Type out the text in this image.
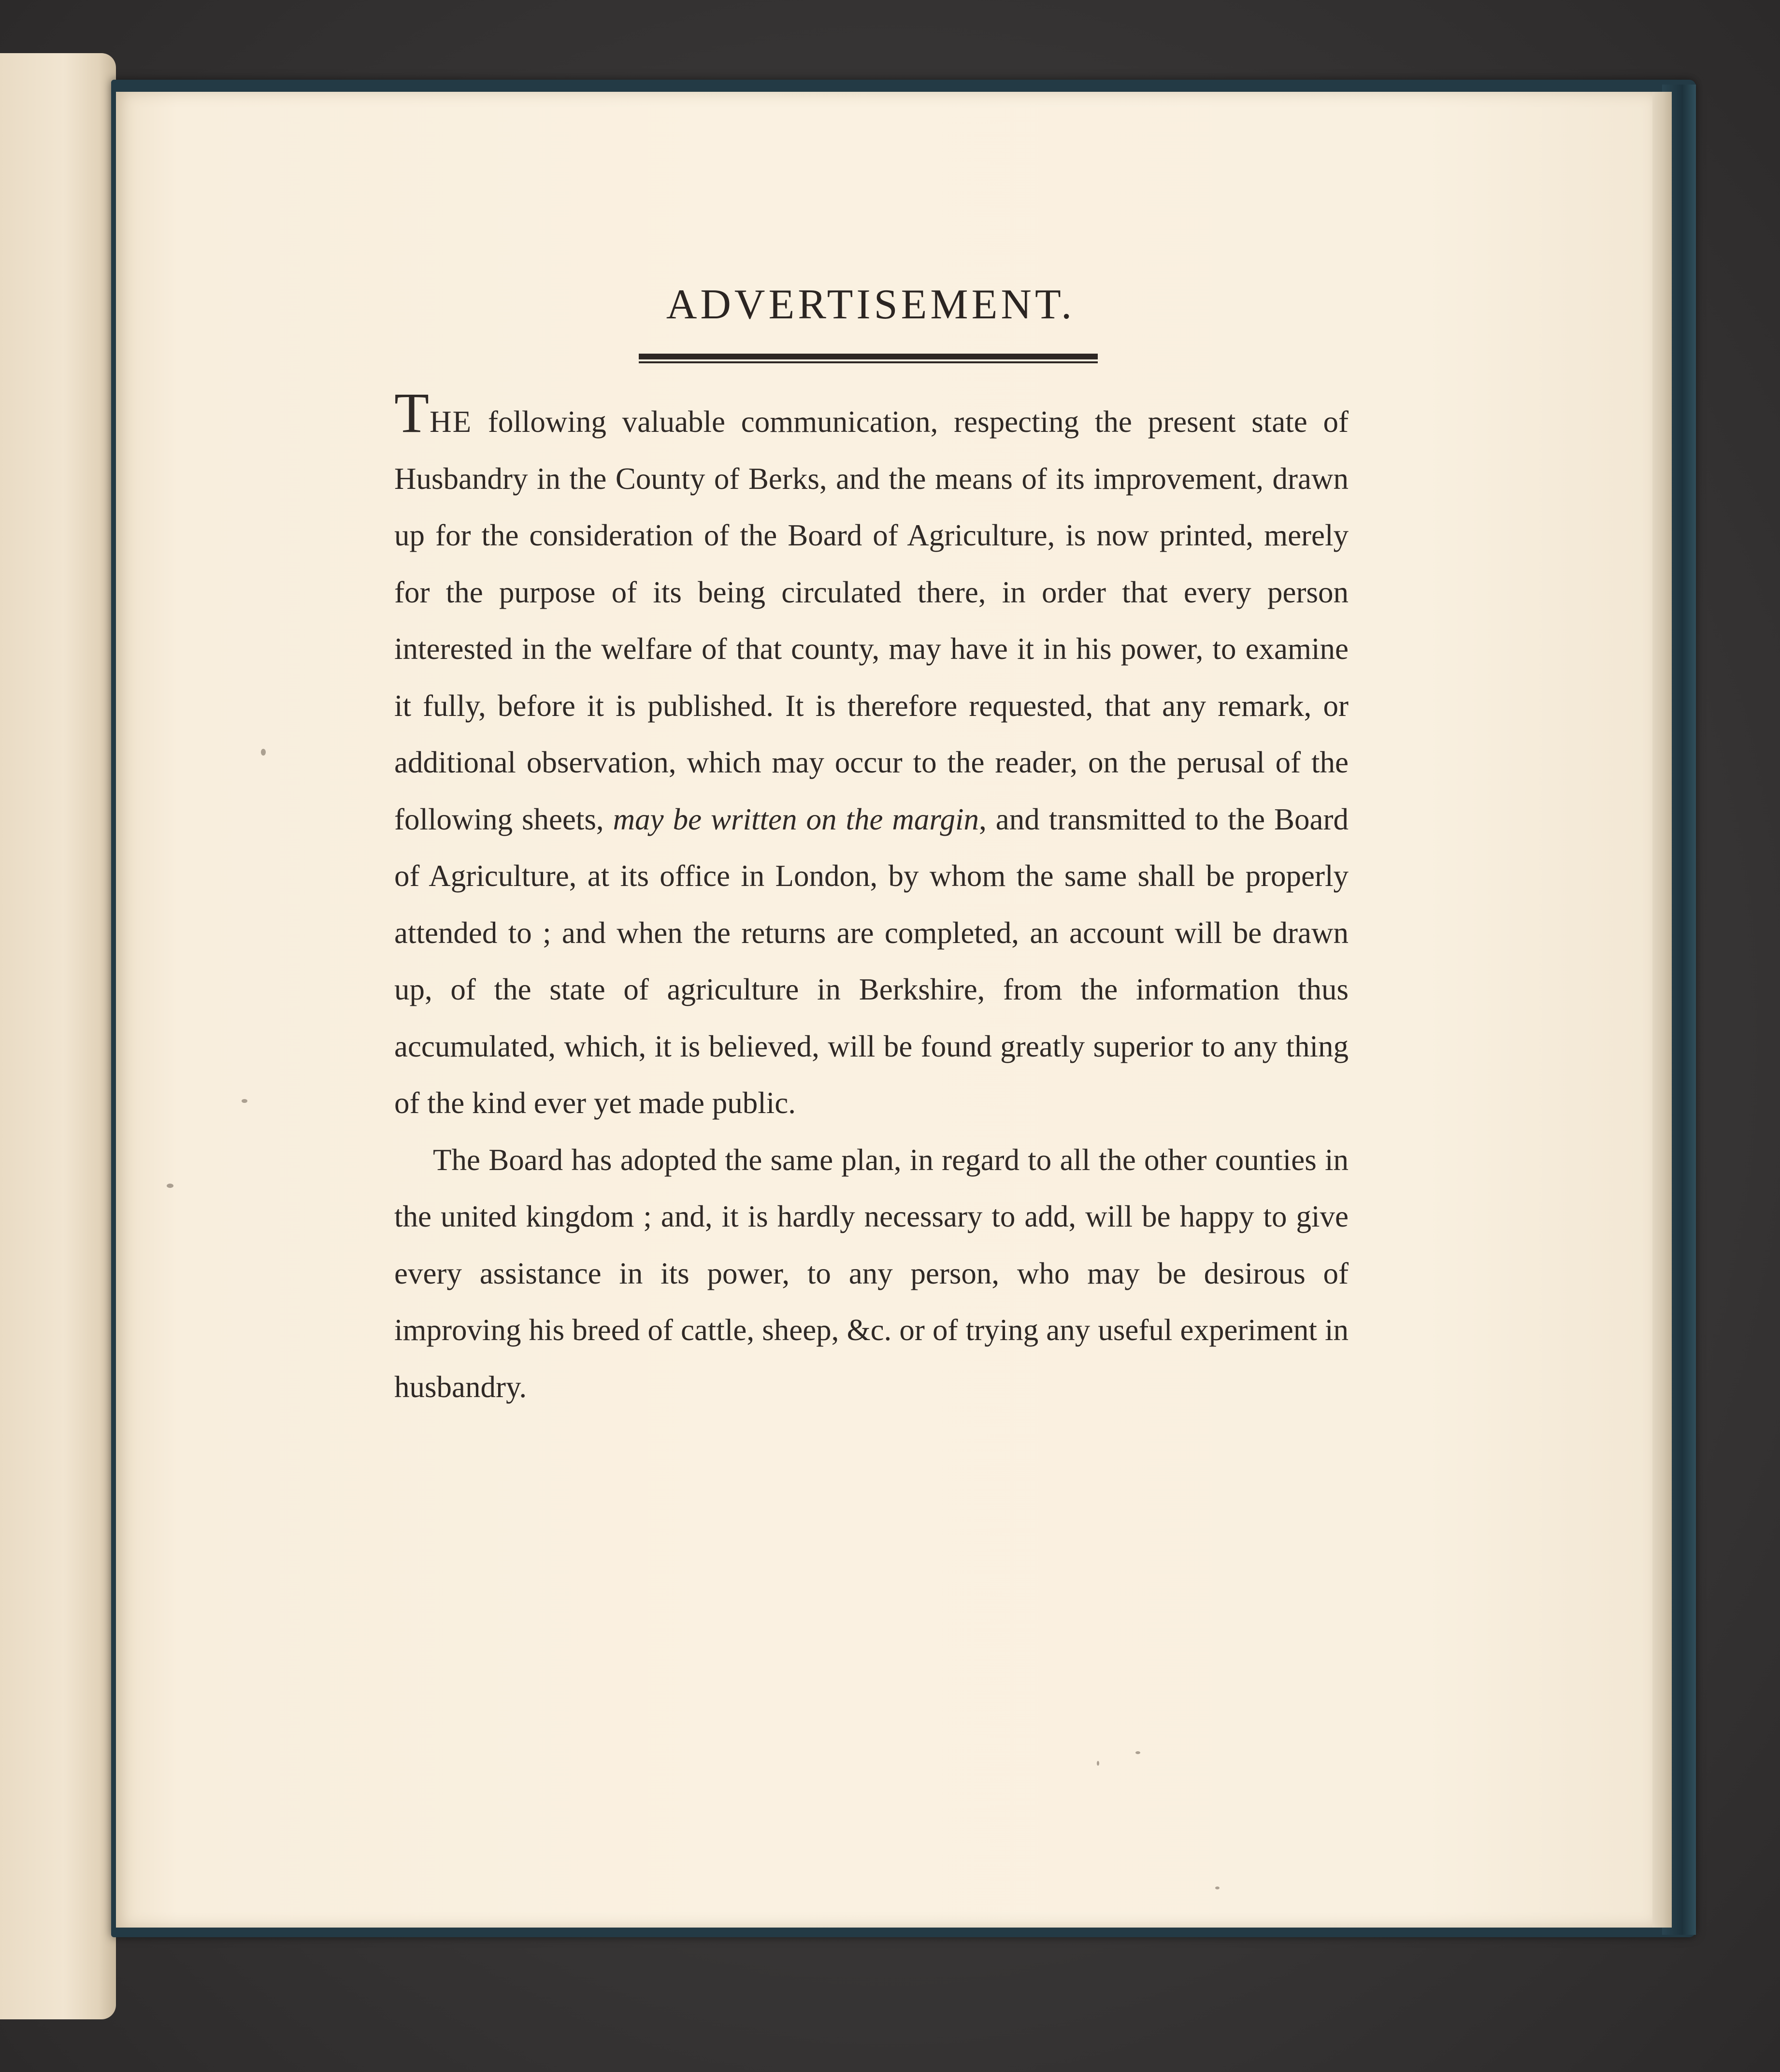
ADVERTISEMENT.

THE following valuable communication, respecting the present state of Husbandry in the County of Berks, and the means of its improvement, drawn up for the consideration of the Board of Agriculture, is now printed, merely for the purpose of its being circulated there, in order that every person interested in the welfare of that county, may have it in his power, to examine it fully, before it is published. It is therefore requested, that any remark, or additional observation, which may occur to the reader, on the perusal of the following sheets, may be written on the margin, and transmitted to the Board of Agriculture, at its office in London, by whom the same shall be properly attended to ; and when the returns are completed, an account will be drawn up, of the state of agriculture in Berkshire, from the information thus accumulated, which, it is believed, will be found greatly superior to any thing of the kind ever yet made public.

The Board has adopted the same plan, in regard to all the other counties in the united kingdom ; and, it is hardly necessary to add, will be happy to give every assistance in its power, to any person, who may be desirous of improving his breed of cattle, sheep, &c. or of trying any useful experiment in husbandry.
